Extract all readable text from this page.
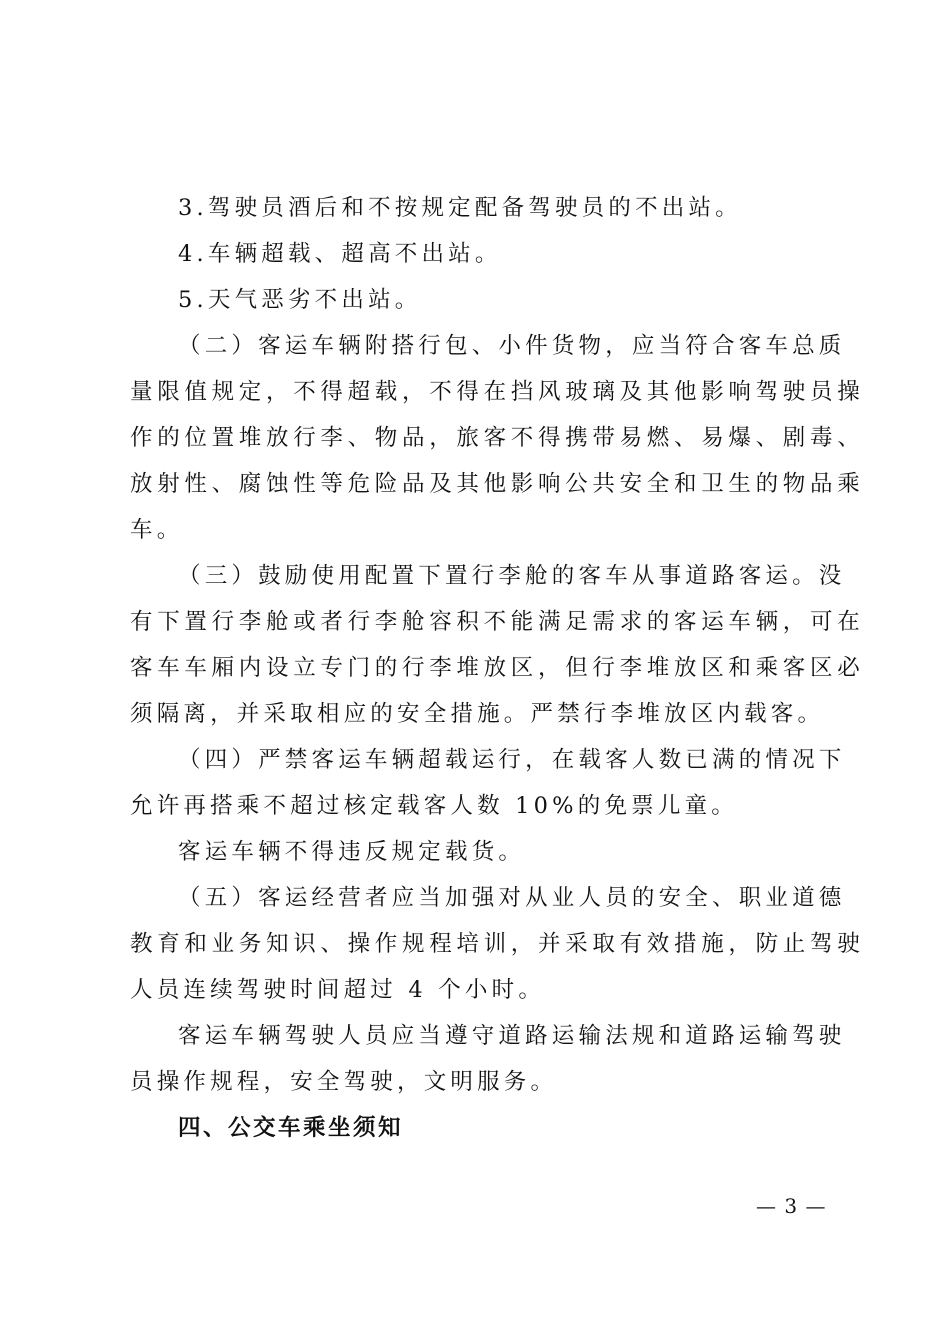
3.驾驶员酒后和不按规定配备驾驶员的不出站。
4.车辆超载、超高不出站。
5.天气恶劣不出站。
（二）客运车辆附搭行包、小件货物，应当符合客车总质
量限值规定，不得超载，不得在挡风玻璃及其他影响驾驶员操
作的位置堆放行李、物品，旅客不得携带易燃、易爆、剧毒、
放射性、腐蚀性等危险品及其他影响公共安全和卫生的物品乘
车。
（三）鼓励使用配置下置行李舱的客车从事道路客运。没
有下置行李舱或者行李舱容积不能满足需求的客运车辆，可在
客车车厢内设立专门的行李堆放区，但行李堆放区和乘客区必
须隔离，并采取相应的安全措施。严禁行李堆放区内载客。
（四）严禁客运车辆超载运行，在载客人数已满的情况下
允许再搭乘不超过核定载客人数 10%的免票儿童。
客运车辆不得违反规定载货。
（五）客运经营者应当加强对从业人员的安全、职业道德
教育和业务知识、操作规程培训，并采取有效措施，防止驾驶
人员连续驾驶时间超过 4 个小时。
客运车辆驾驶人员应当遵守道路运输法规和道路运输驾驶
员操作规程，安全驾驶，文明服务。
四、公交车乘坐须知
— 3 —
